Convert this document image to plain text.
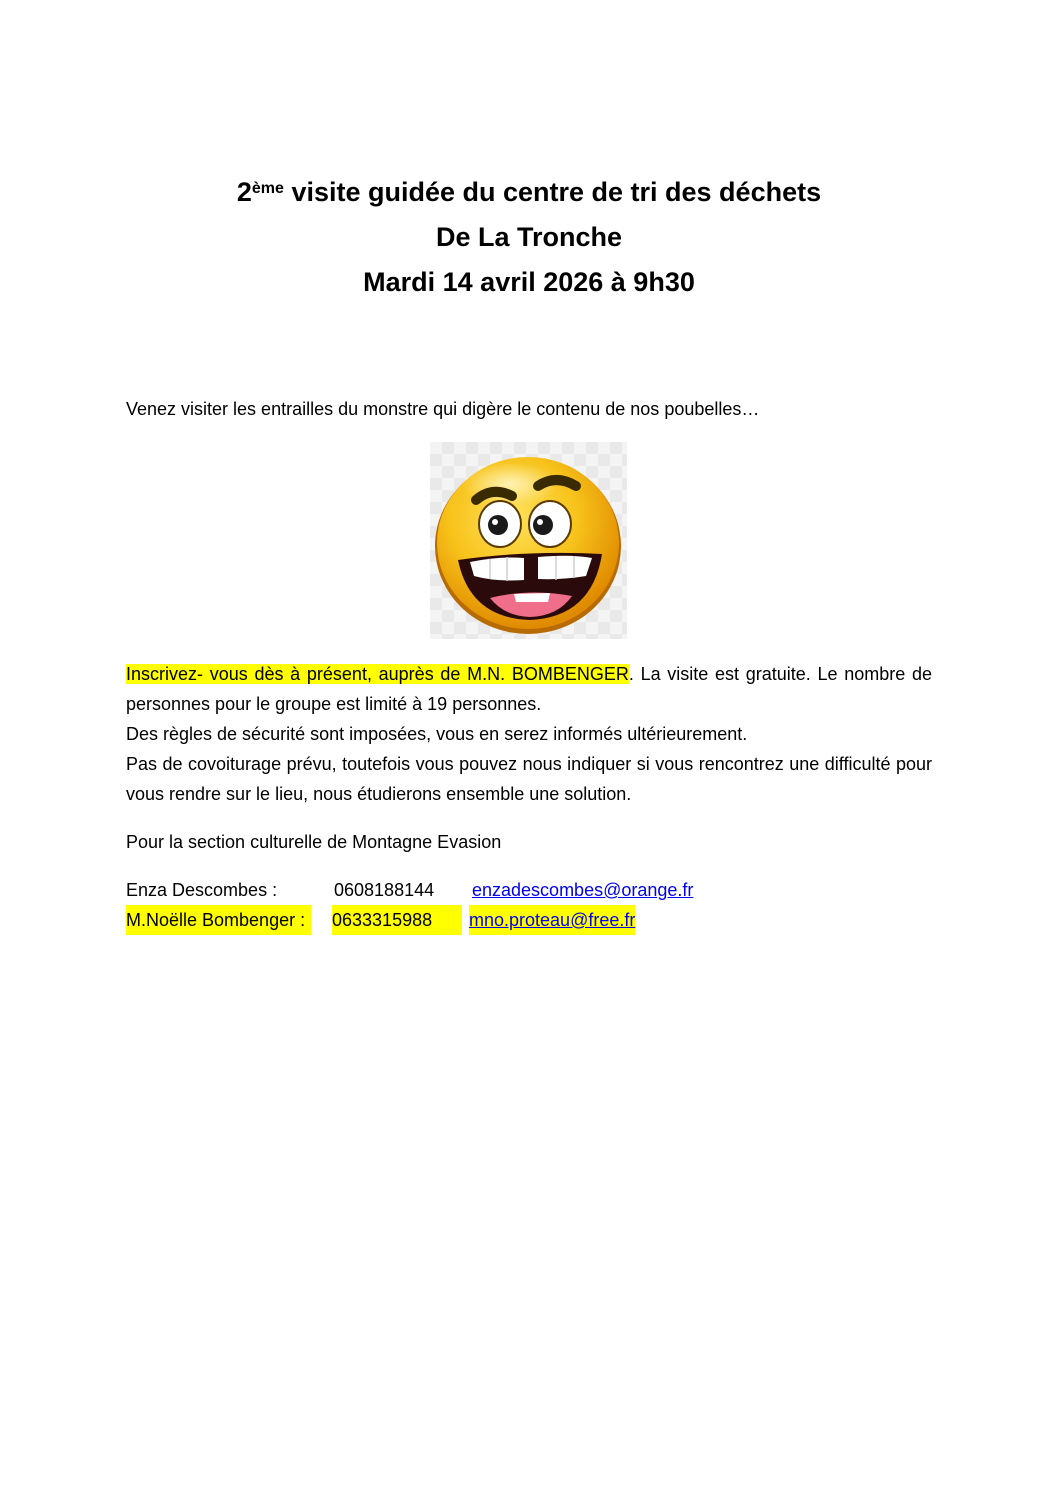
2ème visite guidée du centre de tri des déchets
De La Tronche
Mardi 14 avril 2026 à 9h30
Venez visiter les entrailles du monstre qui digère le contenu de nos poubelles…

Inscrivez- vous dès à présent, auprès de M.N. BOMBENGER. La visite est gratuite. Le nombre de personnes pour le groupe est limité à 19 personnes.

Des règles de sécurité sont imposées, vous en serez informés ultérieurement.

Pas de covoiturage prévu, toutefois vous pouvez nous indiquer si vous rencontrez une difficulté pour vous rendre sur le lieu, nous étudierons ensemble une solution.

Pour la section culturelle de Montagne Evasion
Enza Descombes :	0608188144 enzadescombes@orange.fr
M.Noëlle Bombenger :	0633315988	mno.proteau@free.fr
